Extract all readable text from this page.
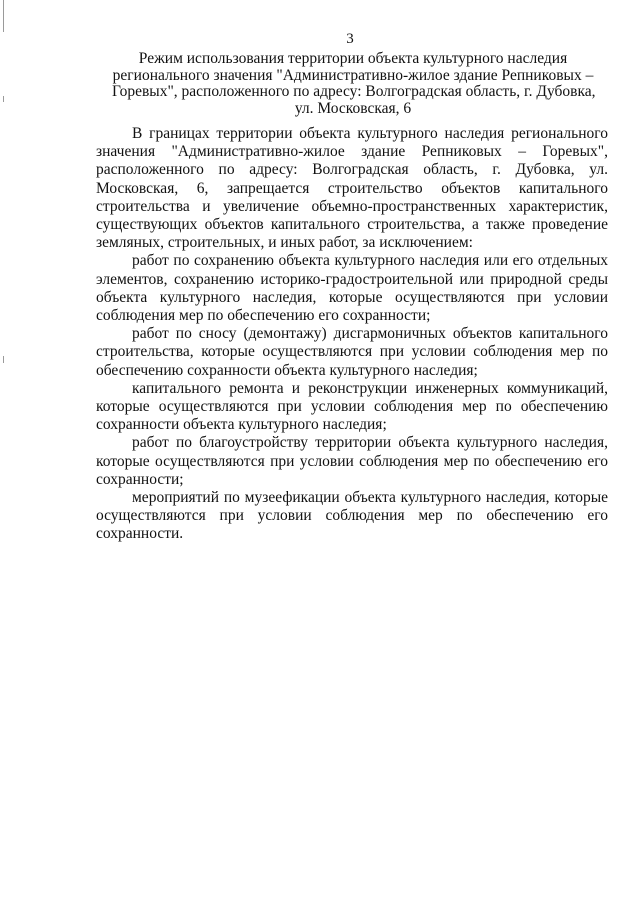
3
Режим использования территории объекта культурного наследия
регионального значения "Административно-жилое здание Репниковых –
Горевых", расположенного по адресу: Волгоградская область, г. Дубовка,
ул. Московская, 6

В границах территории объекта культурного наследия регионального значения "Административно-жилое здание Репниковых – Горевых", расположенного по адресу: Волгоградская область, г. Дубовка, ул. Московская, 6, запрещается строительство объектов капитального строительства и увеличение объемно-пространственных характеристик, существующих объектов капитального строительства, а также проведение земляных, строительных, и иных работ, за исключением:

работ по сохранению объекта культурного наследия или его отдельных элементов, сохранению историко-градостроительной или природной среды объекта культурного наследия, которые осуществляются при условии соблюдения мер по обеспечению его сохранности;

работ по сносу (демонтажу) дисгармоничных объектов капитального строительства, которые осуществляются при условии соблюдения мер по обеспечению сохранности объекта культурного наследия;

капитального ремонта и реконструкции инженерных коммуникаций, которые осуществляются при условии соблюдения мер по обеспечению сохранности объекта культурного наследия;

работ по благоустройству территории объекта культурного наследия, которые осуществляются при условии соблюдения мер по обеспечению его сохранности;

мероприятий по музеефикации объекта культурного наследия, которые осуществляются при условии соблюдения мер по обеспечению его сохранности.
